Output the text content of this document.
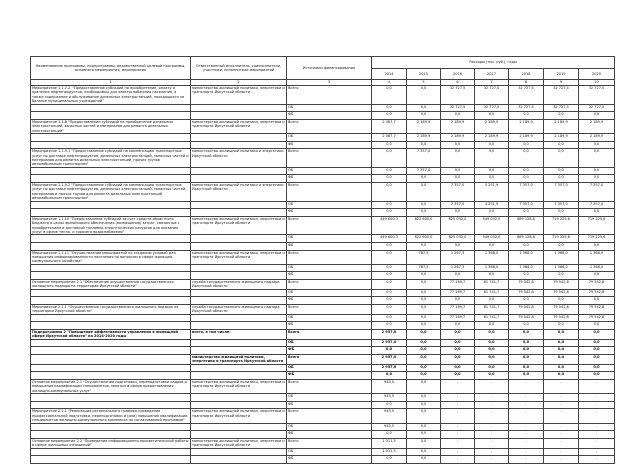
Наименование программы, подпрограммы, ведомственной целевой программы, основного мероприятия, мероприятия	Ответственный исполнитель, соисполнители, участники, исполнители мероприятий	Источники финансирования	Расходы (тыс. руб.), годы						
			2014	2015	2016	2017	2018	2019	2020
1	2	3	4	5	6	7	8	9	10
Мероприятие 1.1.7.2. "Предоставление субсидий на приобретение, оплату и хранение нефтепродуктов, необходимых для электоснабжения населения, а также содержание и обслуживание дизельных электростанций, находящихся на балансе муниципальных учреждений"	министерство жилищной политики, энергетики и транспорта Иркутской области	Всего	0,0	0,0	32 727,5	32 727,5	32 727,5	32 727,5	32 727,5
		ОБ	0,0	0,0	32 727,5	32 727,5	32 727,5	32 727,5	32 727,5
		ФБ	0,0	0,0	0,0	0,0	0,0	0,0	0,0
Мероприятие 1.1.8 "Предоставление субсидий на приобретение дизельных электростанций, запасных частей и материалов для ремонта дизельных электростанций"	министерство жилищной политики, энергетики и транспорта Иркутской области	Всего	2 087,7	2 189,9	2 189,9	2 189,9	2 189,9	2 189,9	2 189,9
		ОБ	2 087,7	2 189,9	2 189,9	2 189,9	2 189,9	2 189,9	2 189,9
		ФБ	0,0	0,0	0,0	0,0	0,0	0,0	0,0
Мероприятие 1.1.9.1 "Предоставление субсидий на компенсацию транспортных услуг по доставке нефтепродуктов, дизельных электростанций, запасных частей и материалов для ремонта дизельных электростанций, прочих грузов автомобильным транспортом"	министерство жилищной политики и энергетики Иркутской области	Всего	0,0	7 357,0	0,0	0,0	0,0	0,0	0,0
		ОБ	0,0	7 357,0	0,0	0,0	0,0	0,0	0,0
		ФБ	0,0	0,0	0,0	0,0	0,0	0,0	0,0
Мероприятие 1.1.9.2 "Предоставление субсидий на компенсацию транспортных услуг по доставке нефтепродуктов, дизельных электростанций, запасных частей, материалов и прочих грузов для ремонта дизельных электростанций автомобильным транспортом"	министерство жилищной политики и энергетики Иркутской области	Всего	0,0	0,0	7 357,0	4 251,9	7 357,0	7 357,0	7 357,0
		ОБ	0,0	0,0	7 357,0	4 251,9	7 357,0	7 357,0	7 357,0
		ФБ	0,0	0,0	0,0	0,0	0,0	0,0	0,0
Мероприятие 1.1.10 "Предоставление субсидий за счет средств областного бюджета в целях финансового обеспечения (возмещения) затрат, связанных с приобретением и доставкой топливно-энергетических ресурсов для оказания услуг в сфере тепло- и горячего водоснабжения"	министерство жилищной политики, энергетики и транспорта Иркутской области	Всего	449 600,3	822 600,0	825 032,0	549 032,0	889 128,8	719 225,6	719 225,6
		ОБ	449 600,3	822 600,0	825 032,0	549 032,0	889 128,8	719 225,6	719 225,6
		ФБ	0,0	0,0	0,0	0,0	0,0	0,0	0,0
Мероприятие 1.1.11 "Осуществление мероприятий по созданию условий для повышения информированности населения по вопросам в сфере жилищно-коммунального хозяйства"	министерство жилищной политики, энергетики и транспорта Иркутской области	Всего	0,0	787,5	1 267,3	1 368,0	1 368,0	1 368,0	1 368,0
		ОБ	0,0	787,5	1 267,3	1 368,0	1 368,0	1 368,0	1 368,0
		ФБ	0,0	0,0	0,0	0,0	0,0	0,0	0,0
Основное мероприятие 2.1 "Обеспечение осуществления государственного жилищного надзора на территории Иркутской области"	служба государственного жилищного надзора Иркутской области	Всего	0,0	0,0	77 169,7	81 741,7	79 542,8	79 542,8	79 542,8
		ОБ	0,0	0,0	77 169,7	81 741,7	79 542,8	79 542,8	79 542,8
		ФБ	0,0	0,0	0,0	0,0	0,0	0,0	0,0
Мероприятие 2.1.1 "Осуществление государственного жилищного надзора на территории Иркутской области"	служба государственного жилищного надзора Иркутской области	Всего	0,0	0,0	77 169,7	81 741,7	79 542,8	79 542,8	79 542,8
		ОБ	0,0	0,0	77 169,7	81 741,7	79 542,8	79 542,8	79 542,8
		ФБ	0,0	0,0	0,0	0,0	0,0	0,0	0,0
Подпрограмма 2 "Повышение эффективности управления в жилищной сфере Иркутской области" на 2014-2020 годы	всего, в том числе:	Всего	2 957,0	0,0	0,0	0,0	0,0	0,0	0,0
		ОБ	2 957,0	0,0	0,0	0,0	0,0	0,0	0,0
		ФБ	0,0	0,0	0,0	0,0	0,0	0,0	0,0
	министерство жилищной политики, энергетики и транспорта Иркутской области	Всего	2 957,0	0,0	0,0	0,0	0,0	0,0	0,0
		ОБ	2 957,0	0,0	0,0	0,0	0,0	0,0	0,0
		ФБ	0,0	0,0	0,0	0,0	0,0	0,0	0,0
Основное мероприятие 2.1 "Осуществление подготовки, переподготовки кадров и повышения квалификации специалистов, занятых в сфере предоставления жилищно-коммунальных услуг"	министерство жилищной политики, энергетики и транспорта Иркутской области	Всего	945,5	0,0	-	-	-	-	-
		ОБ	945,5	0,0	-	-	-	-	-
		ФБ	0,0	0,0	-	-	-	-	-
Мероприятие 2.1.1 "Реализация регионального графика проведения профессиональной подготовки, переподготовки и (или) повышения квалификации специалистов жилищно-коммунального комплекса по согласованной программе"	министерство жилищной политики, энергетики и транспорта Иркутской области	Всего	945,5	0,0	-	-	-	-	-
		ОБ	945,5	0,0	-	-	-	-	-
		ФБ	0,0	0,0	-	-	-	-	-
Основное мероприятие 2.2 "Проведение информационно-просветительской работы в сфере жилищных отношений"	министерство жилищной политики, энергетики и транспорта Иркутской области	Всего	1 011,5	0,0	-	-	-	-	-
		ОБ	1 011,5	0,0	-	-	-	-	-
		ФБ	0,0	0,0	-	-	-	-	-
